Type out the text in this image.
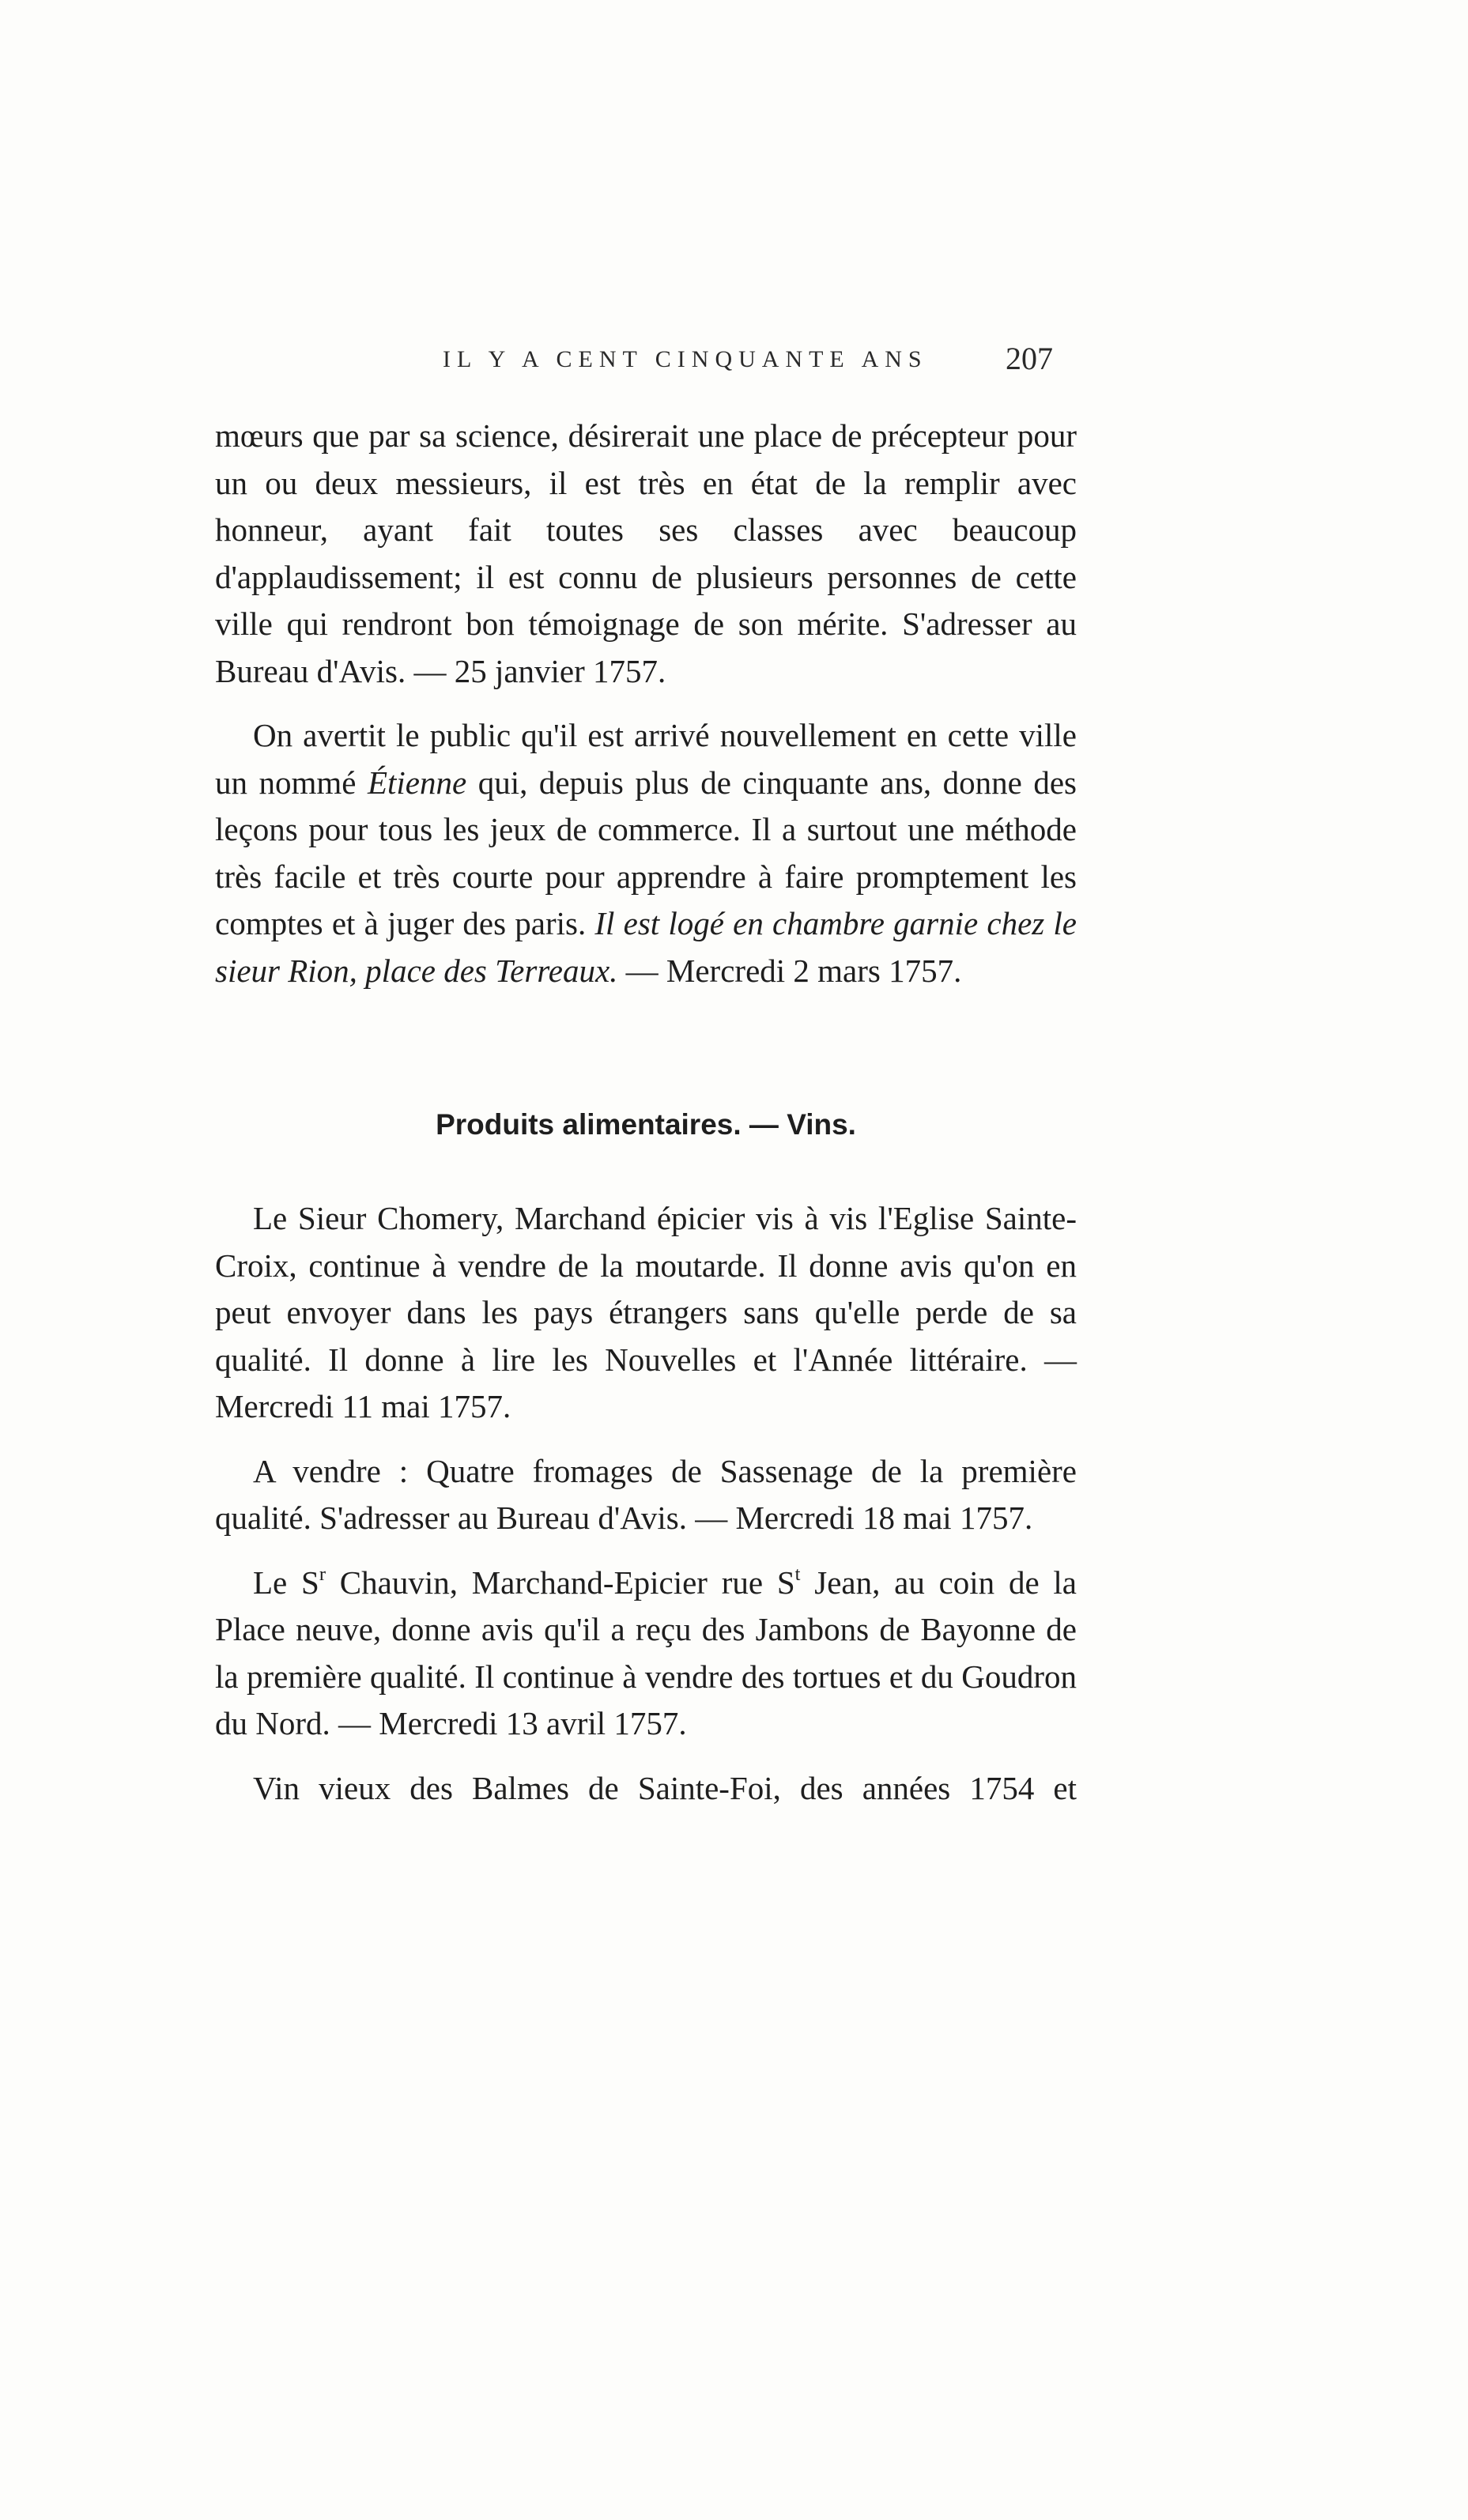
IL Y A CENT CINQUANTE ANS 207

mœurs que par sa science, désirerait une place de précepteur pour un ou deux messieurs, il est très en état de la remplir avec honneur, ayant fait toutes ses classes avec beaucoup d'applaudissement; il est connu de plusieurs personnes de cette ville qui rendront bon témoignage de son mérite. S'adresser au Bureau d'Avis. — 25 janvier 1757.

On avertit le public qu'il est arrivé nouvellement en cette ville un nommé Étienne qui, depuis plus de cinquante ans, donne des leçons pour tous les jeux de commerce. Il a surtout une méthode très facile et très courte pour apprendre à faire promptement les comptes et à juger des paris. Il est logé en chambre garnie chez le sieur Rion, place des Terreaux. — Mercredi 2 mars 1757.

Produits alimentaires. — Vins.

Le Sieur Chomery, Marchand épicier vis à vis l'Eglise Sainte-Croix, continue à vendre de la moutarde. Il donne avis qu'on en peut envoyer dans les pays étrangers sans qu'elle perde de sa qualité. Il donne à lire les Nouvelles et l'Année littéraire. — Mercredi 11 mai 1757.

A vendre : Quatre fromages de Sassenage de la première qualité. S'adresser au Bureau d'Avis. — Mercredi 18 mai 1757.

Le $S^r$ Chauvin, Marchand-Epicier rue $S^t$ Jean, au coin de la Place neuve, donne avis qu'il a reçu des Jambons de Bayonne de la première qualité. Il continue à vendre des tortues et du Goudron du Nord. — Mercredi 13 avril 1757.

Vin vieux des Balmes de Sainte-Foi, des années 1754 et
